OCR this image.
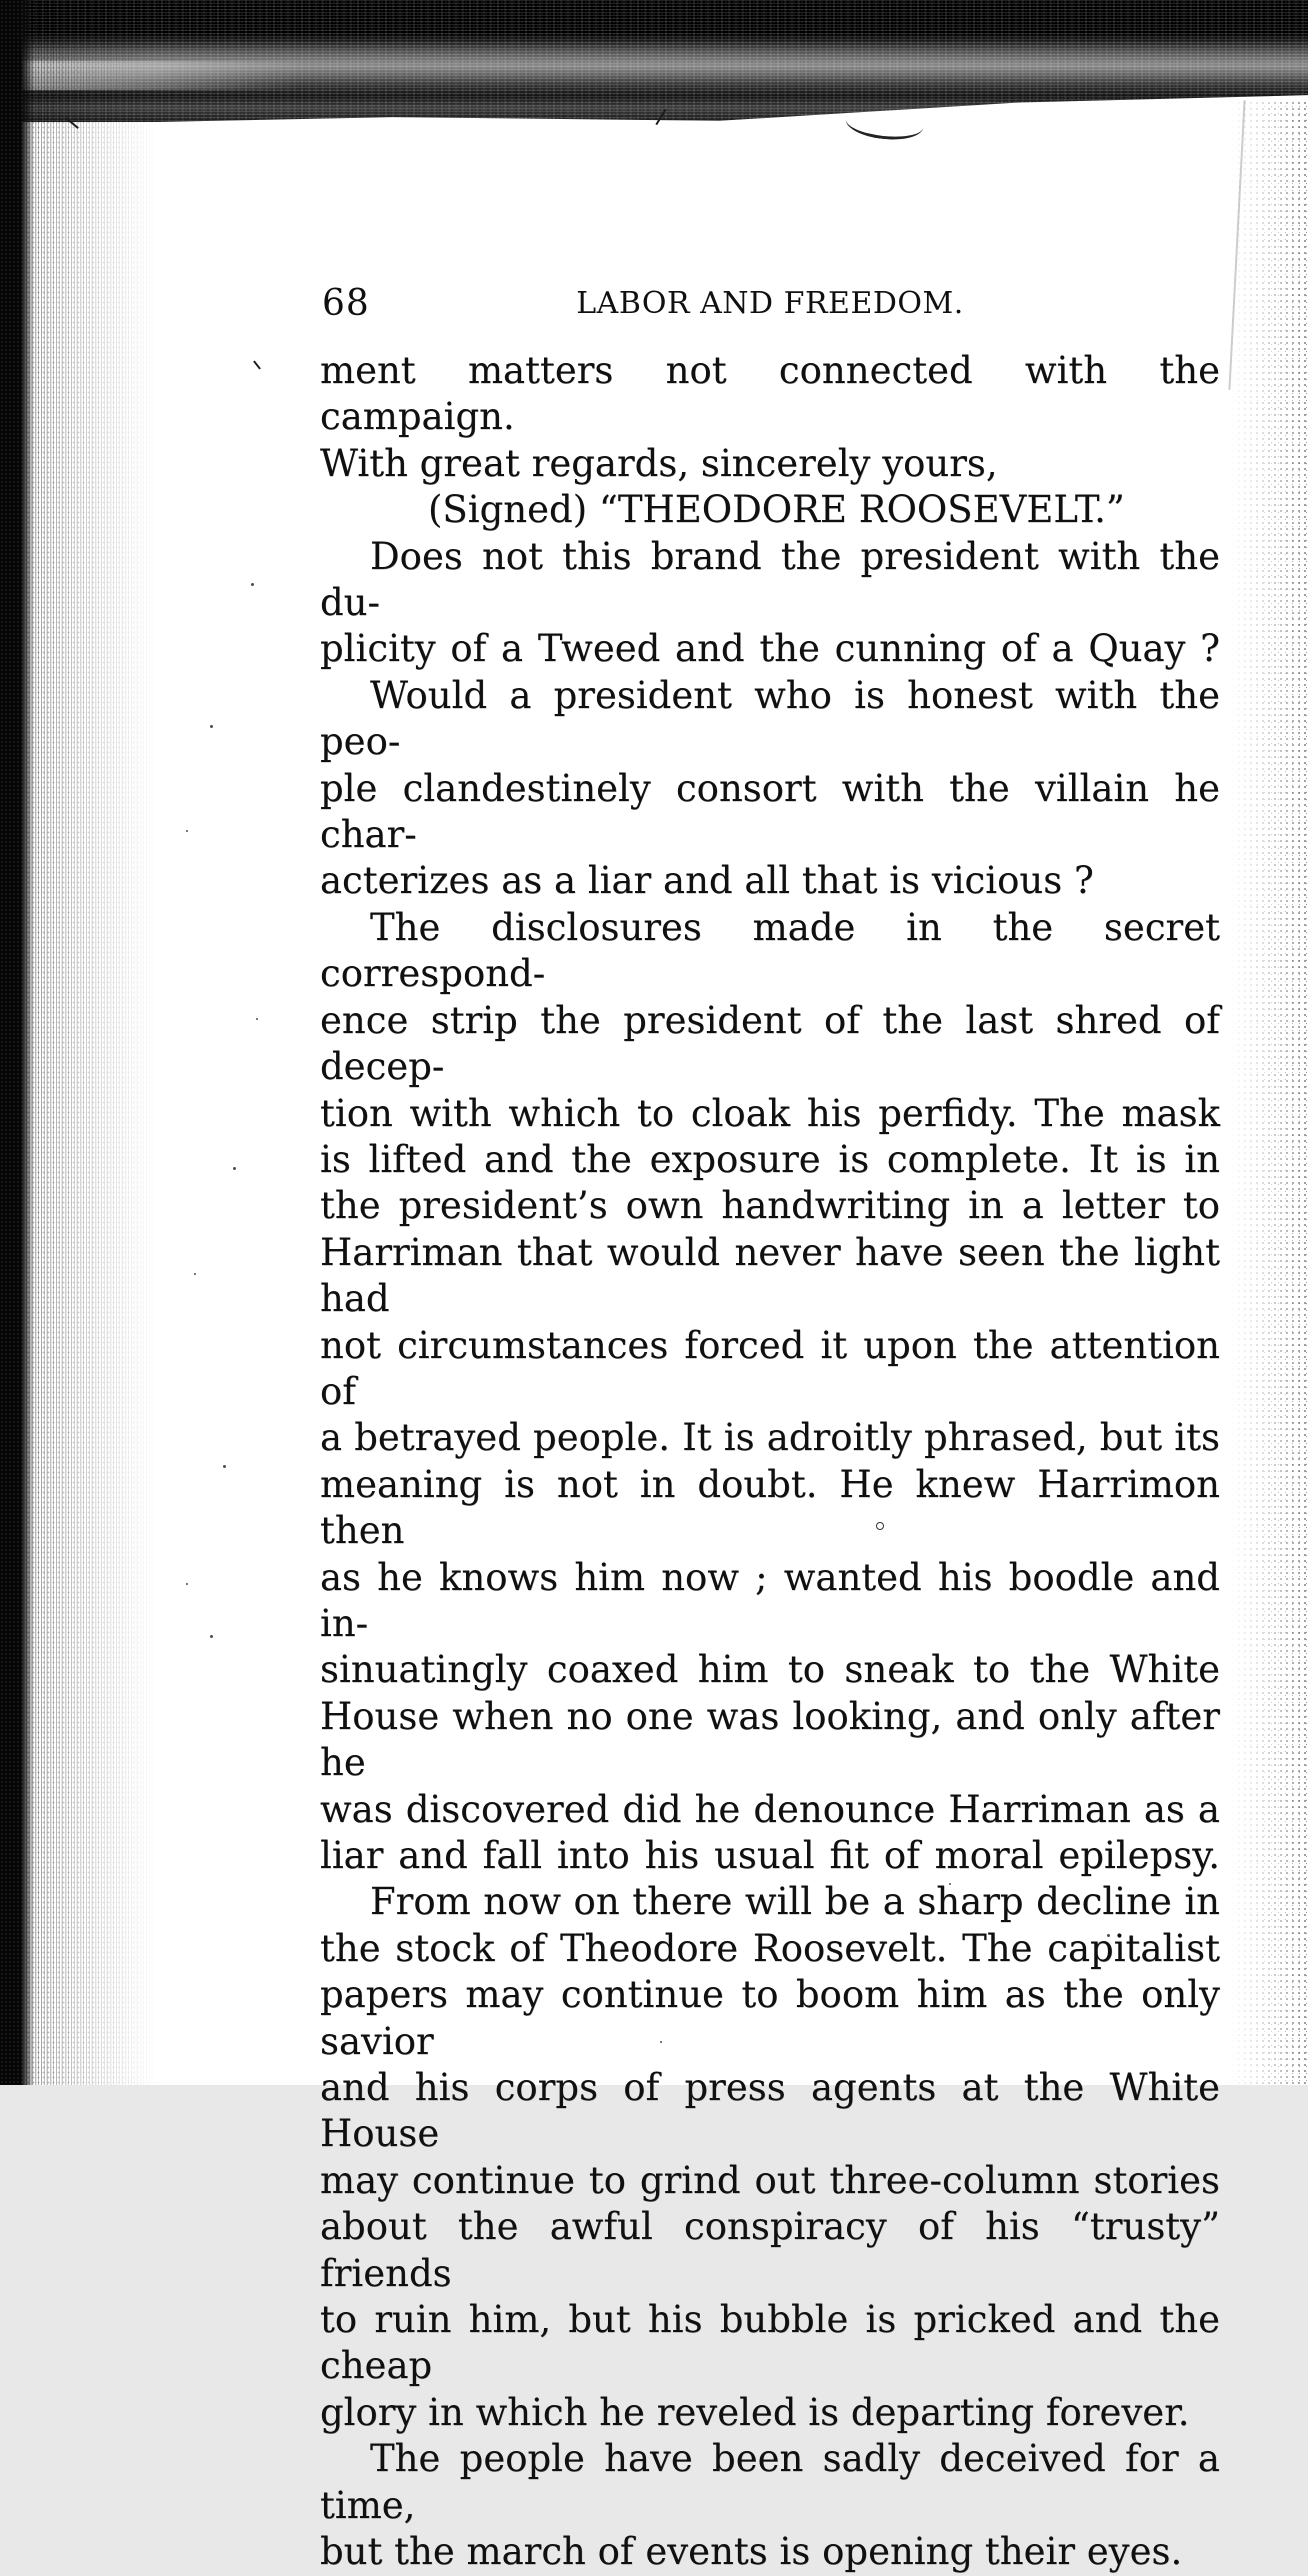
68	LABOR AND FREEDOM.
ment matters not connected with the campaign.
With great regards, sincerely yours,
(Signed) “THEODORE ROOSEVELT.”
Does not this brand the president with the du-
plicity of a Tweed and the cunning of a Quay ?
Would a president who is honest with the peo-
ple clandestinely consort with the villain he char-
acterizes as a liar and all that is vicious ?
The disclosures made in the secret correspond-
ence strip the president of the last shred of decep-
tion with which to cloak his perfidy. The mask
is lifted and the exposure is complete. It is in
the president’s own handwriting in a letter to
Harriman that would never have seen the light had
not circumstances forced it upon the attention of
a betrayed people. It is adroitly phrased, but its
meaning is not in doubt. He knew Harrimon then
as he knows him now ; wanted his boodle and in-
sinuatingly coaxed him to sneak to the White
House when no one was looking, and only after he
was discovered did he denounce Harriman as a
liar and fall into his usual fit of moral epilepsy.
From now on there will be a sharp decline in
the stock of Theodore Roosevelt. The capitalist
papers may continue to boom him as the only savior
and his corps of press agents at the White House
may continue to grind out three-column stories
about the awful conspiracy of his “trusty” friends
to ruin him, but his bubble is pricked and the cheap
glory in which he reveled is departing forever.
The people have been sadly deceived for a time,
but the march of events is opening their eyes.
